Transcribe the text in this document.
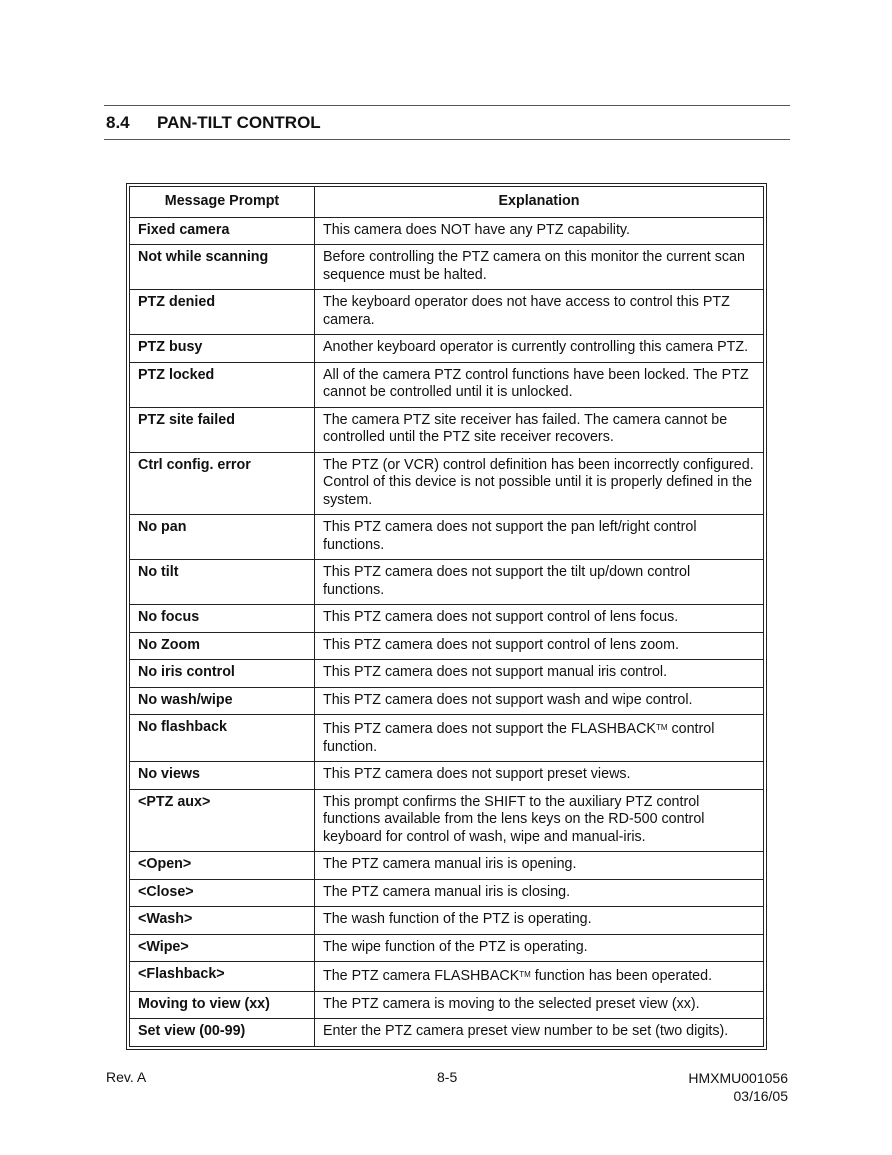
8.4 PAN-TILT CONTROL
Message Prompt	Explanation
Fixed camera	This camera does NOT have any PTZ capability.
Not while scanning	Before controlling the PTZ camera on this monitor the current scan sequence must be halted.
PTZ denied	The keyboard operator does not have access to control this PTZ camera.
PTZ busy	Another keyboard operator is currently controlling this camera PTZ.
PTZ locked	All of the camera PTZ control functions have been locked. The PTZ cannot be controlled until it is unlocked.
PTZ site failed	The camera PTZ site receiver has failed. The camera cannot be controlled until the PTZ site receiver recovers.
Ctrl config. error	The PTZ (or VCR) control definition has been incorrectly configured. Control of this device is not possible until it is properly defined in the system.
No pan	This PTZ camera does not support the pan left/right control functions.
No tilt	This PTZ camera does not support the tilt up/down control functions.
No focus	This PTZ camera does not support control of lens focus.
No Zoom	This PTZ camera does not support control of lens zoom.
No iris control	This PTZ camera does not support manual iris control.
No wash/wipe	This PTZ camera does not support wash and wipe control.
No flashback	This PTZ camera does not support the FLASHBACK™ control function.
No views	This PTZ camera does not support preset views.
<PTZ aux>	This prompt confirms the SHIFT to the auxiliary PTZ control functions available from the lens keys on the RD-500 control keyboard for control of wash, wipe and manual-iris.
<Open>	The PTZ camera manual iris is opening.
<Close>	The PTZ camera manual iris is closing.
<Wash>	The wash function of the PTZ is operating.
<Wipe>	The wipe function of the PTZ is operating.
<Flashback>	The PTZ camera FLASHBACK™ function has been operated.
Moving to view (xx)	The PTZ camera is moving to the selected preset view (xx).
Set view (00-99)	Enter the PTZ camera preset view number to be set (two digits).
Rev. A	8-5	HMXMU001056
03/16/05
